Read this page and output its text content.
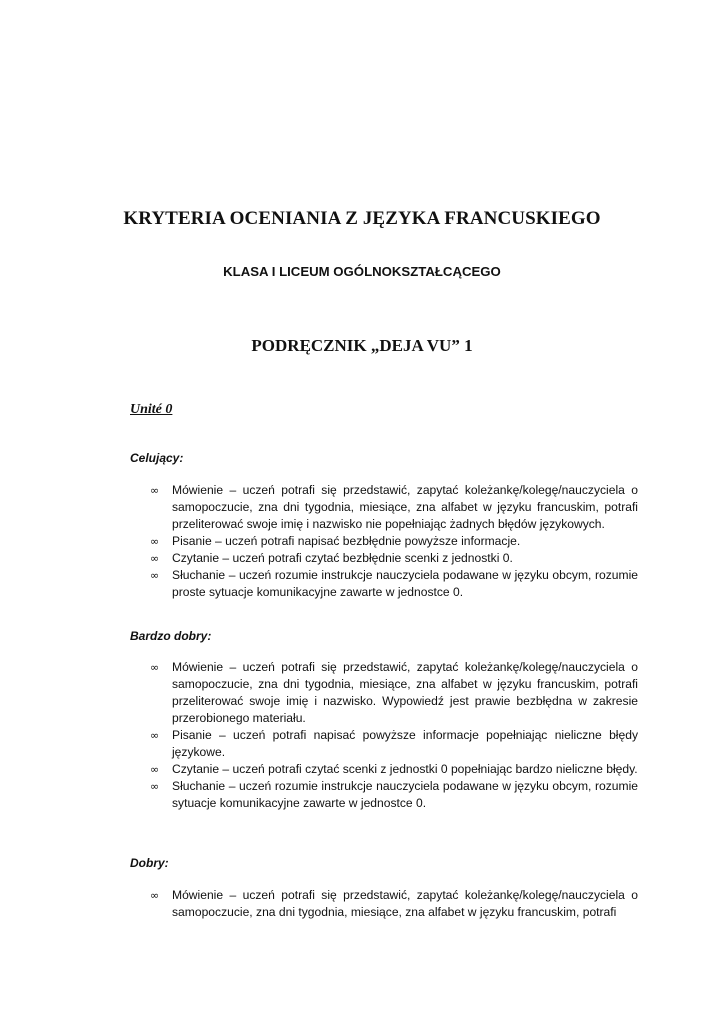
KRYTERIA OCENIANIA Z JĘZYKA FRANCUSKIEGO
KLASA I LICEUM OGÓLNOKSZTAŁCĄCEGO
PODRĘCZNIK „DEJA VU” 1
Unité 0
Celujący:
∞ Mówienie – uczeń potrafi się przedstawić, zapytać koleżankę/kolegę/nauczyciela o samopoczucie, zna dni tygodnia, miesiące, zna alfabet w języku francuskim, potrafi przeliterować swoje imię i nazwisko nie popełniając żadnych błędów językowych.
∞ Pisanie – uczeń potrafi napisać bezbłędnie powyższe informacje.
∞ Czytanie – uczeń potrafi czytać bezbłędnie scenki z jednostki 0.
∞ Słuchanie – uczeń rozumie instrukcje nauczyciela podawane w języku obcym, rozumie proste sytuacje komunikacyjne zawarte w jednostce 0.
Bardzo dobry:
∞ Mówienie – uczeń potrafi się przedstawić, zapytać koleżankę/kolegę/nauczyciela o samopoczucie, zna dni tygodnia, miesiące, zna alfabet w języku francuskim, potrafi przeliterować swoje imię i nazwisko. Wypowiedź jest prawie bezbłędna w zakresie przerobionego materiału.
∞ Pisanie – uczeń potrafi napisać powyższe informacje popełniając nieliczne błędy językowe.
∞ Czytanie – uczeń potrafi czytać scenki z jednostki 0 popełniając bardzo nieliczne błędy.
∞ Słuchanie – uczeń rozumie instrukcje nauczyciela podawane w języku obcym, rozumie sytuacje komunikacyjne zawarte w jednostce 0.
Dobry:
∞ Mówienie – uczeń potrafi się przedstawić, zapytać koleżankę/kolegę/nauczyciela o samopoczucie, zna dni tygodnia, miesiące, zna alfabet w języku francuskim, potrafi
